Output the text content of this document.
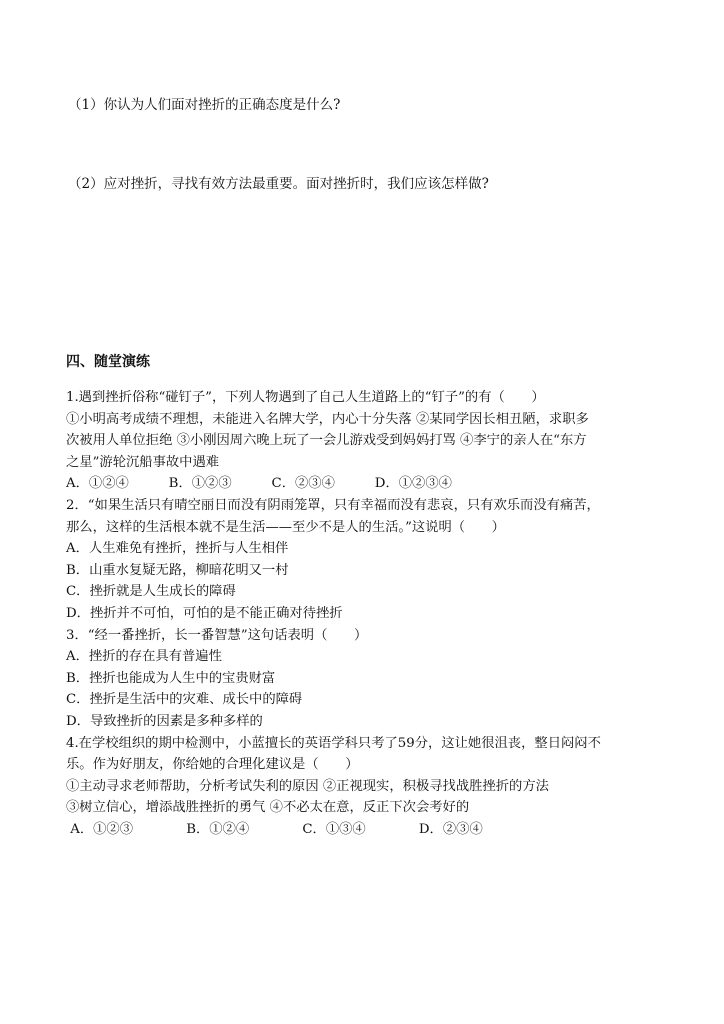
（1）你认为人们面对挫折的正确态度是什么?
（2）应对挫折，寻找有效方法最重要。面对挫折时，我们应该怎样做?
四、随堂演练
1.遇到挫折俗称“碰钉子”，下列人物遇到了自己人生道路上的“钉子”的有（　　）
①小明高考成绩不理想，未能进入名牌大学，内心十分失落 ②某同学因长相丑陋，求职多
次被用人单位拒绝 ③小刚因周六晚上玩了一会儿游戏受到妈妈打骂 ④李宁的亲人在“东方
之星”游轮沉船事故中遇难
A．①②④　　　B．①②③　　　C．②③④　　　D．①②③④
2．“如果生活只有晴空丽日而没有阴雨笼罩，只有幸福而没有悲哀，只有欢乐而没有痛苦，
那么，这样的生活根本就不是生活——至少不是人的生活。”这说明（　　）
A．人生难免有挫折，挫折与人生相伴
B．山重水复疑无路，柳暗花明又一村
C．挫折就是人生成长的障碍
D．挫折并不可怕，可怕的是不能正确对待挫折
3．“经一番挫折，长一番智慧”这句话表明（　　）
A．挫折的存在具有普遍性
B．挫折也能成为人生中的宝贵财富
C．挫折是生活中的灾难、成长中的障碍
D．导致挫折的因素是多种多样的
4.在学校组织的期中检测中，小蓝擅长的英语学科只考了59分，这让她很沮丧，整日闷闷不
乐。作为好朋友，你给她的合理化建议是（　　）
①主动寻求老师帮助，分析考试失利的原因 ②正视现实，积极寻找战胜挫折的方法
③树立信心，增添战胜挫折的勇气 ④不必太在意，反正下次会考好的
A．①②③　　　　B．①②④　　　　C．①③④　　　　D．②③④
